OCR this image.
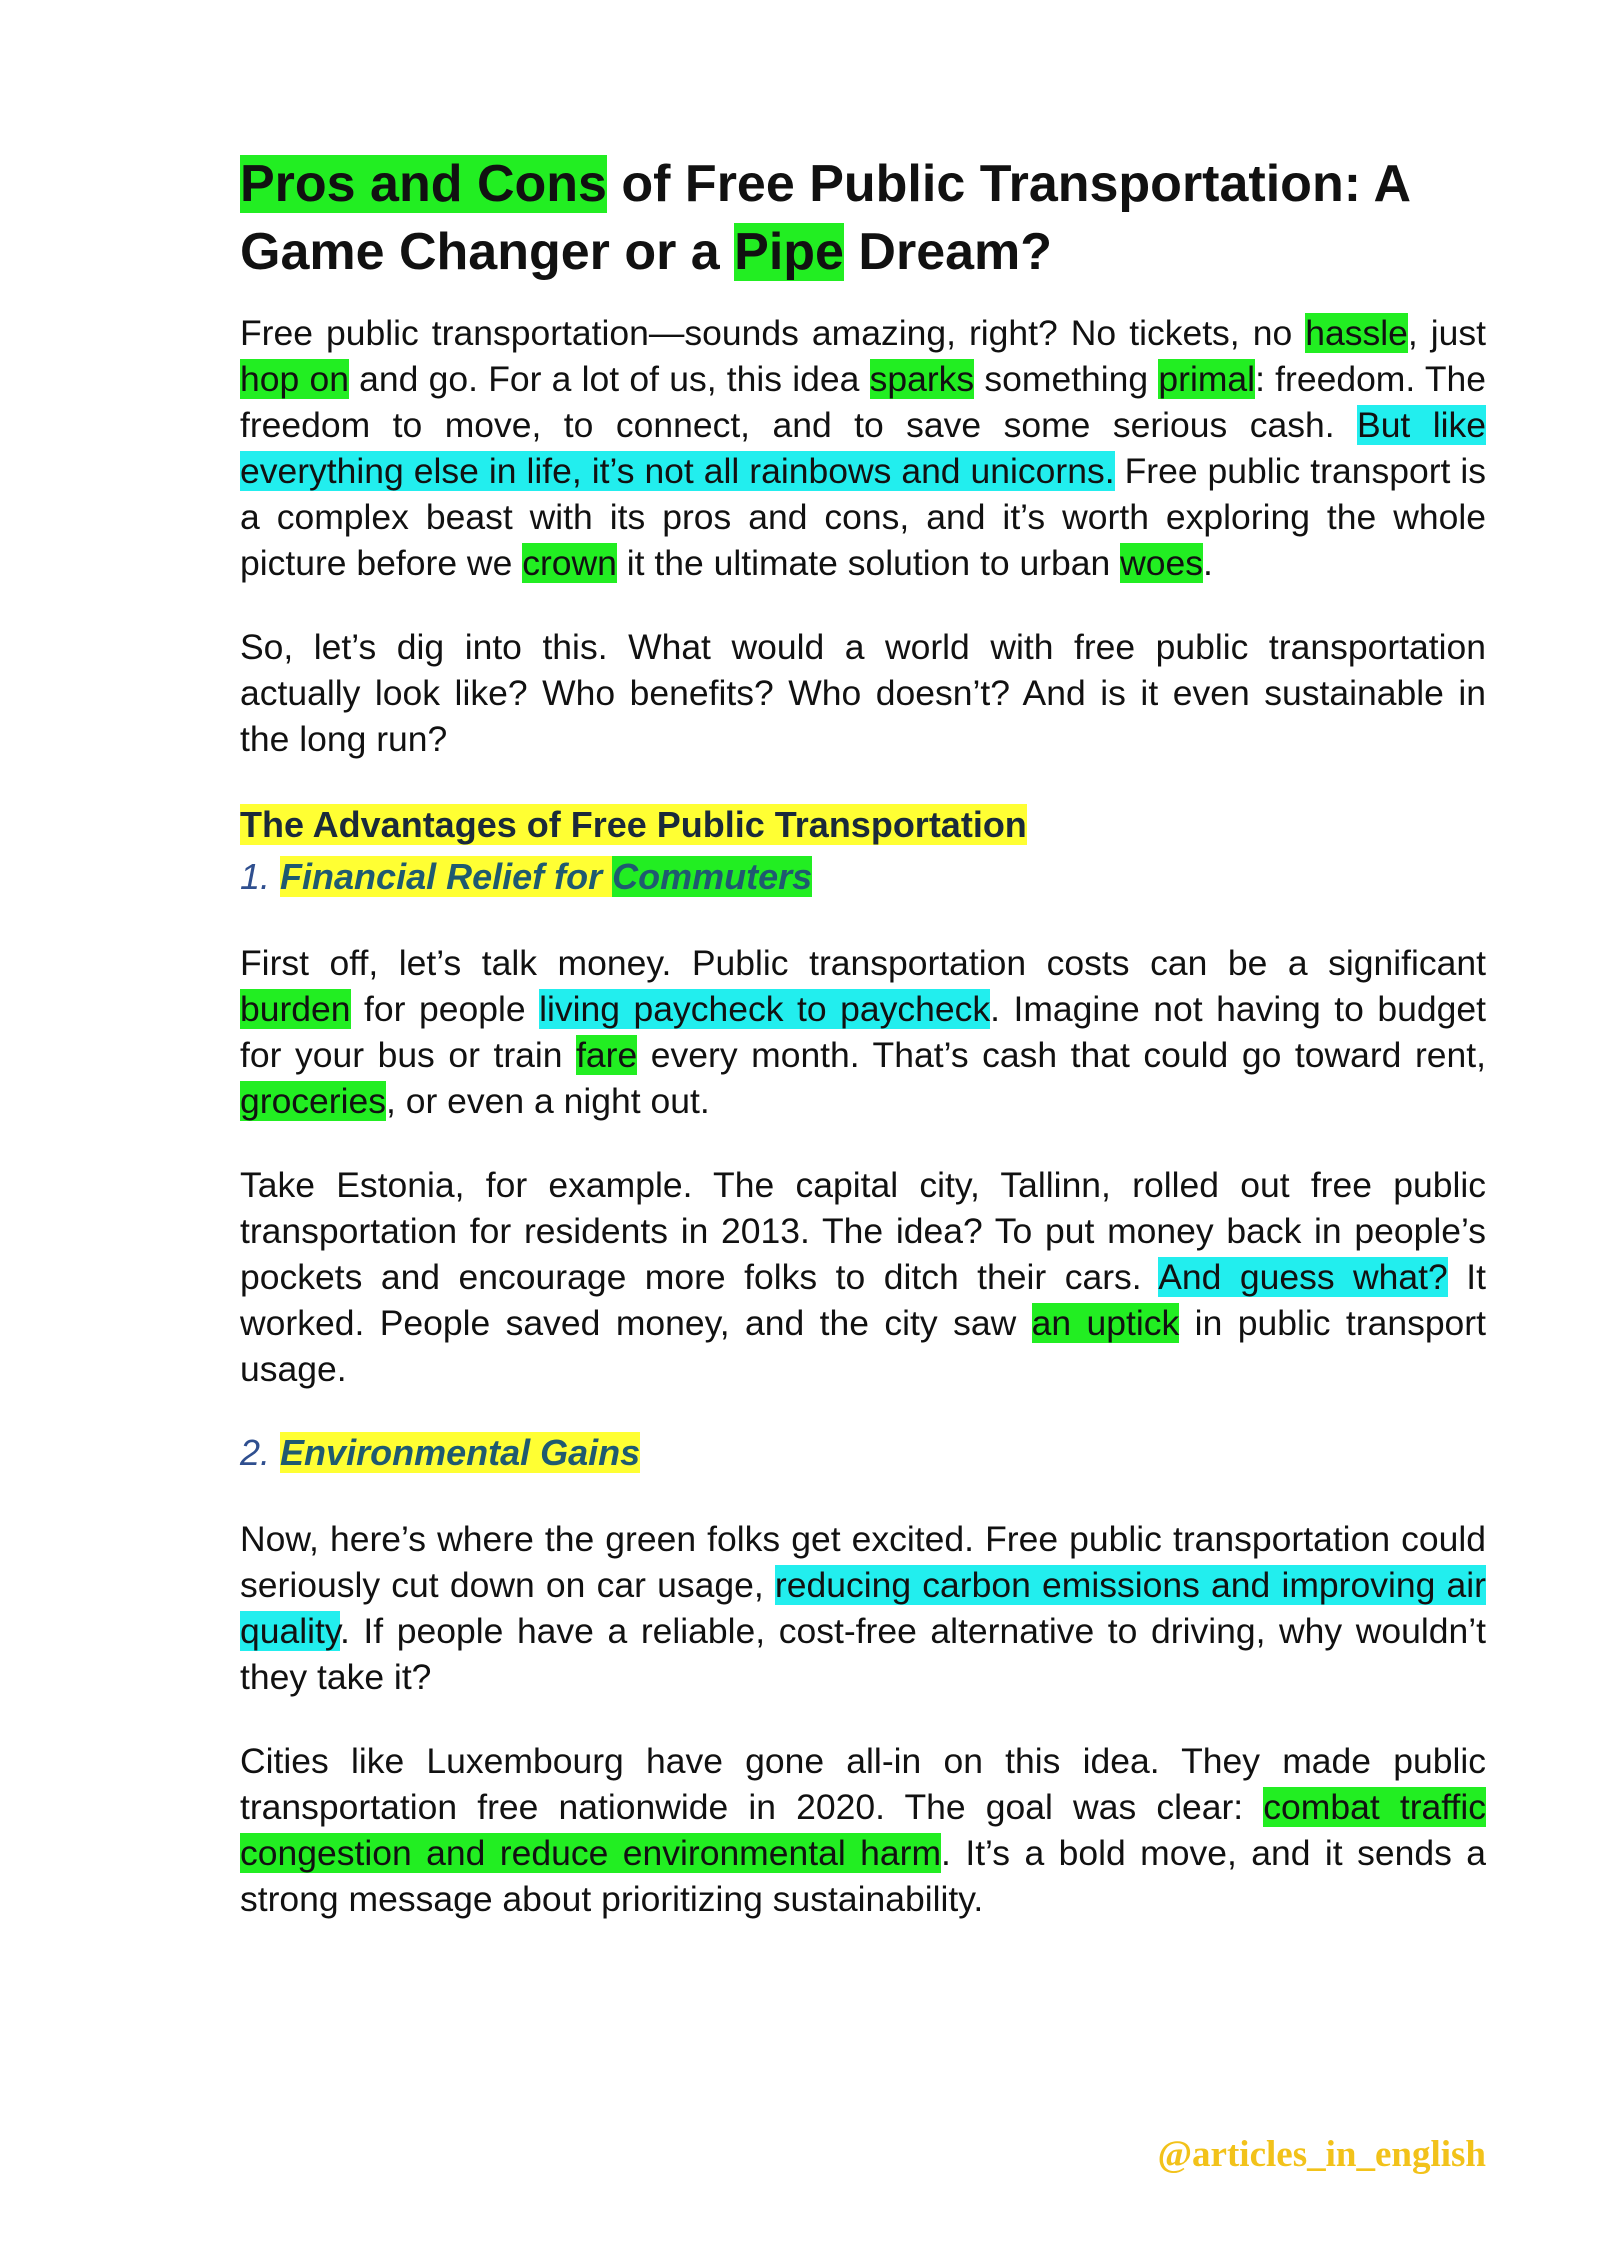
Pros and Cons of Free Public Transportation: A Game Changer or a Pipe Dream?

Free public transportation—sounds amazing, right? No tickets, no hassle, just hop on and go. For a lot of us, this idea sparks something primal: freedom. The freedom to move, to connect, and to save some serious cash. But like everything else in life, it’s not all rainbows and unicorns. Free public transport is a complex beast with its pros and cons, and it’s worth exploring the whole picture before we crown it the ultimate solution to urban woes.

So, let’s dig into this. What would a world with free public transportation actually look like? Who benefits? Who doesn’t? And is it even sustainable in the long run?

The Advantages of Free Public Transportation
1. Financial Relief for Commuters

First off, let’s talk money. Public transportation costs can be a significant burden for people living paycheck to paycheck. Imagine not having to budget for your bus or train fare every month. That’s cash that could go toward rent, groceries, or even a night out.

Take Estonia, for example. The capital city, Tallinn, rolled out free public transportation for residents in 2013. The idea? To put money back in people’s pockets and encourage more folks to ditch their cars. And guess what? It worked. People saved money, and the city saw an uptick in public transport usage.

2. Environmental Gains

Now, here’s where the green folks get excited. Free public transportation could seriously cut down on car usage, reducing carbon emissions and improving air quality. If people have a reliable, cost-free alternative to driving, why wouldn’t they take it?

Cities like Luxembourg have gone all-in on this idea. They made public transportation free nationwide in 2020. The goal was clear: combat traffic congestion and reduce environmental harm. It’s a bold move, and it sends a strong message about prioritizing sustainability.

@articles_in_english
